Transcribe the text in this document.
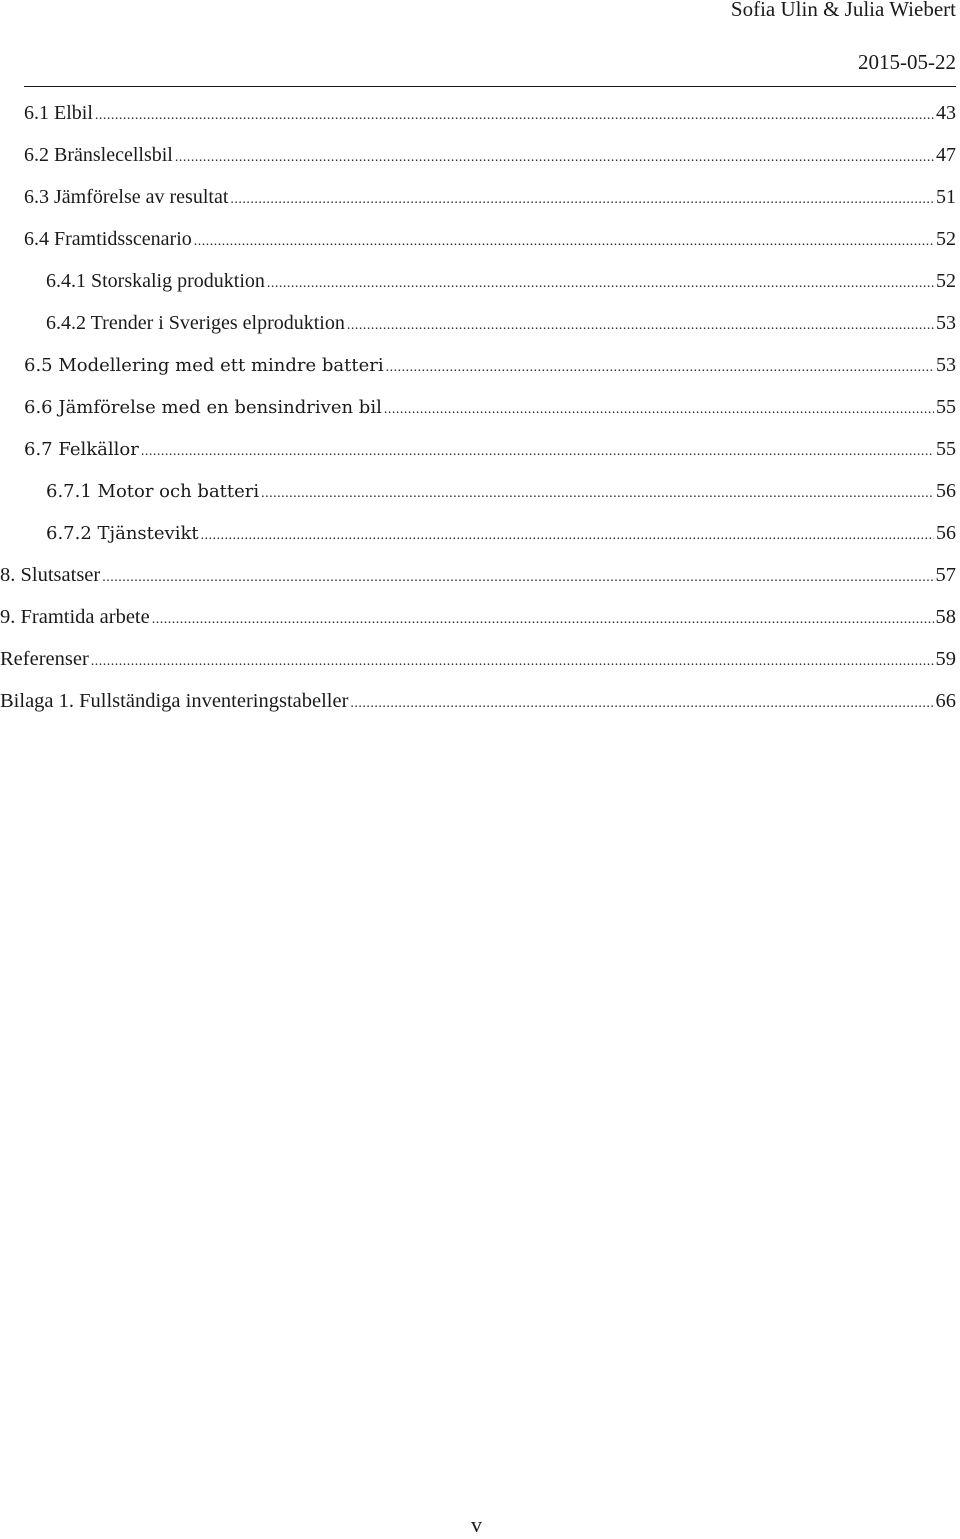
Sofia Ulin & Julia Wiebert
2015-05-22
6.1 Elbil .....	43
6.2 Bränslecellsbil .....	47
6.3 Jämförelse av resultat .....	51
6.4 Framtidsscenario .....	52
6.4.1 Storskalig produktion .....	52
6.4.2 Trender i Sveriges elproduktion .....	53
6.5 Modellering med ett mindre batteri .....	53
6.6 Jämförelse med en bensindriven bil .....	55
6.7 Felkällor .....	55
6.7.1 Motor och batteri .....	56
6.7.2 Tjänstevikt .....	56
8. Slutsatser .....	57
9. Framtida arbete .....	58
Referenser .....	59
Bilaga 1. Fullständiga inventeringstabeller .....	66
v
